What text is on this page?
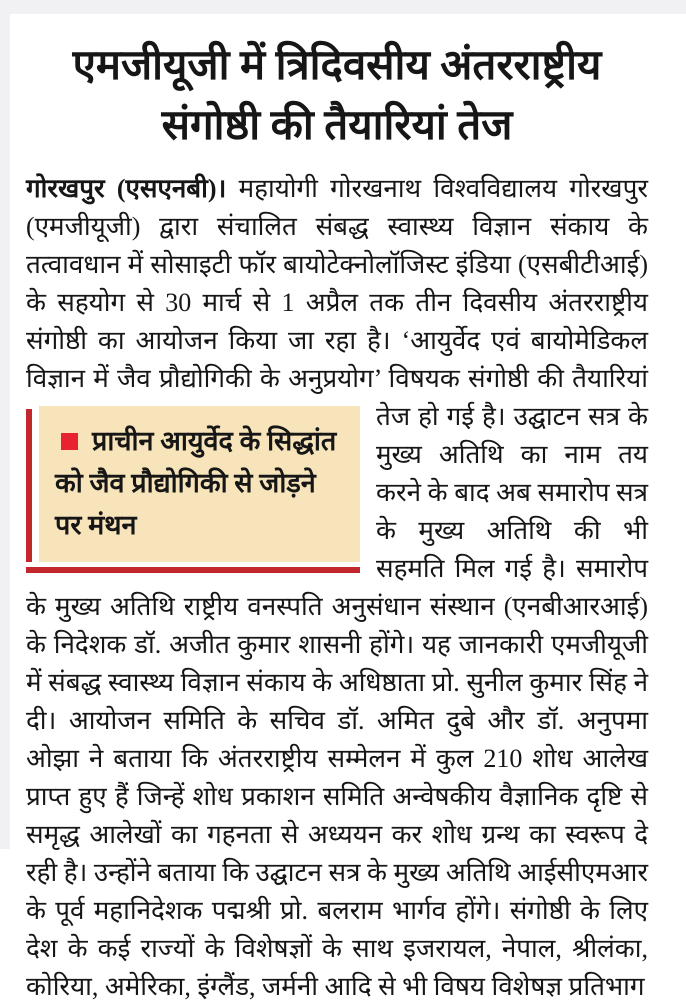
एमजीयूजी में त्रिदिवसीय अंतरराष्ट्रीय संगोष्ठी की तैयारियां तेज

गोरखपुर (एसएनबी)। महायोगी गोरखनाथ विश्वविद्यालय गोरखपुर (एमजीयूजी) द्वारा संचालित संबद्ध स्वास्थ्य विज्ञान संकाय के तत्वावधान में सोसाइटी फॉर बायोटेक्नोलॉजिस्ट इंडिया (एसबीटीआई) के सहयोग से 30 मार्च से 1 अप्रैल तक तीन दिवसीय अंतरराष्ट्रीय संगोष्ठी का आयोजन किया जा रहा है। ‘आयुर्वेद एवं बायोमेडिकल विज्ञान में जैव प्रौद्योगिकी के अनुप्रयोग’ विषयक
प्राचीन आयुर्वेद के सिद्धांत को जैव प्रौद्योगिकी से जोड़ने पर मंथन
संगोष्ठी की तैयारियां तेज हो गई है। उद्घाटन सत्र के मुख्य अतिथि का नाम तय करने के बाद अब समारोप सत्र के मुख्य अतिथि की भी सहमति मिल गई है। समारोप के मुख्य अतिथि राष्ट्रीय वनस्पति अनुसंधान संस्थान (एनबीआरआई) के निदेशक डॉ. अजीत कुमार शासनी होंगे। यह जानकारी एमजीयूजी में संबद्ध स्वास्थ्य विज्ञान संकाय के अधिष्ठाता प्रो. सुनील कुमार सिंह ने दी। आयोजन समिति के सचिव डॉ. अमित दुबे और डॉ. अनुपमा ओझा ने बताया कि अंतरराष्ट्रीय सम्मेलन में कुल 210 शोध आलेख प्राप्त हुए हैं जिन्हें शोध प्रकाशन समिति अन्वेषकीय वैज्ञानिक दृष्टि से समृद्ध आलेखों का गहनता से अध्ययन कर शोध ग्रन्थ का स्वरूप दे रही है। उन्होंने बताया कि उद्घाटन सत्र के मुख्य अतिथि आईसीएमआर के पूर्व महानिदेशक पद्मश्री प्रो. बलराम भार्गव होंगे। संगोष्ठी के लिए देश के कई राज्यों के विशेषज्ञों के साथ इजरायल, नेपाल, श्रीलंका, कोरिया, अमेरिका, इंग्लैंड, जर्मनी आदि से भी विषय विशेषज्ञ प्रतिभाग
